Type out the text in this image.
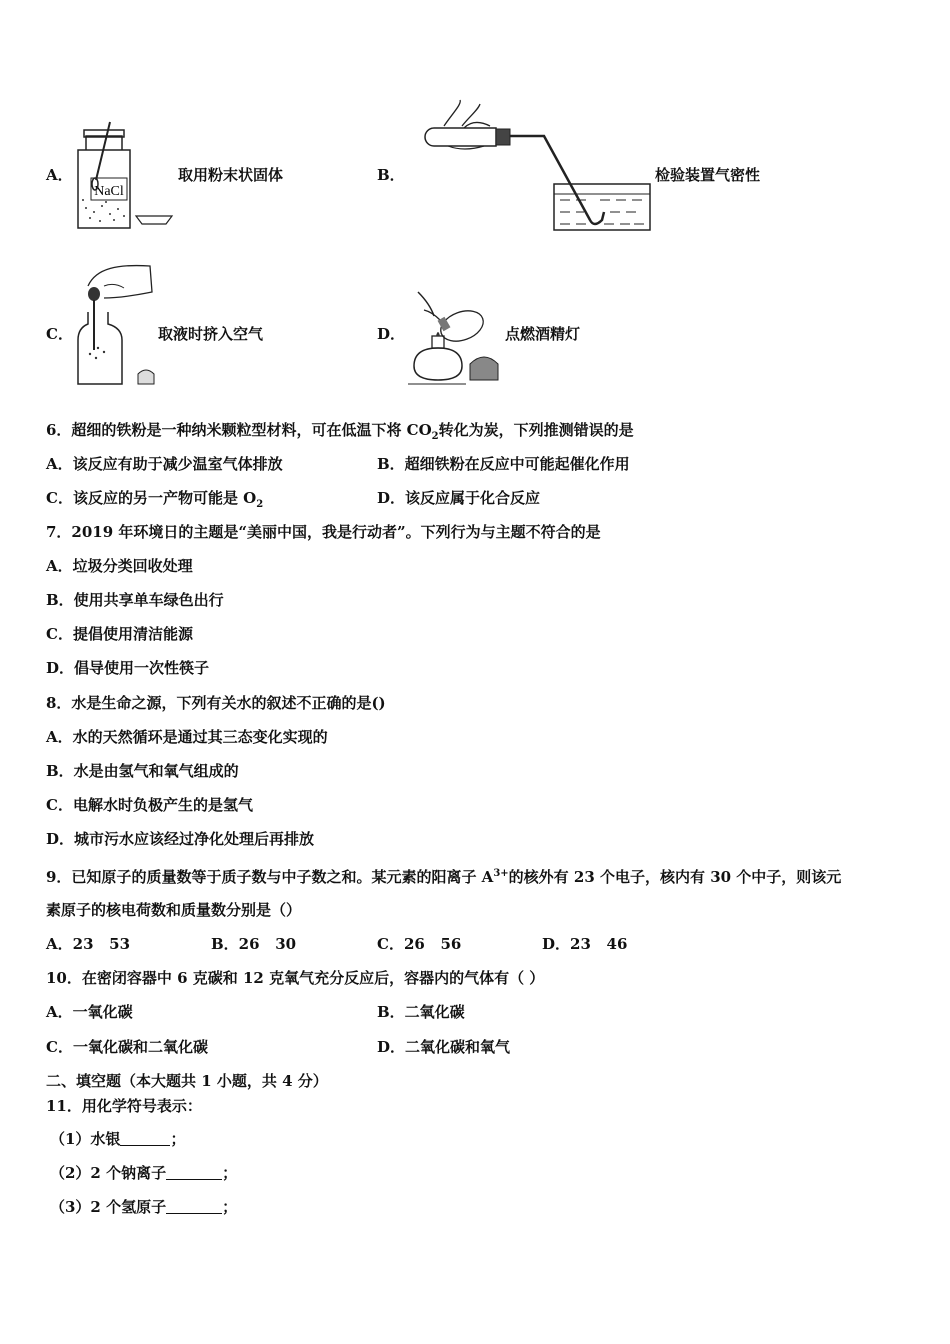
A．
NaCl
取用粉末状固体	B．	检验装置气密性
C．	取液时挤入空气	D．	点燃酒精灯
6．超细的铁粉是一种纳米颗粒型材料，可在低温下将 $CO_2$转化为炭，下列推测错误的是
A．该反应有助于减少温室气体排放	B．超细铁粉在反应中可能起催化作用
C．该反应的另一产物可能是 $O_2$	D．该反应属于化合反应
7．2019 年环境日的主题是“美丽中国，我是行动者”。下列行为与主题不符合的是
A．垃圾分类回收处理
B．使用共享单车绿色出行
C．提倡使用清洁能源
D．倡导使用一次性筷子
8．水是生命之源，下列有关水的叙述不正确的是()
A．水的天然循环是通过其三态变化实现的
B．水是由氢气和氧气组成的
C．电解水时负极产生的是氢气
D．城市污水应该经过净化处理后再排放
9．已知原子的质量数等于质子数与中子数之和。某元素的阳离子 $A^{3+}$的核外有 23 个电子，核内有 30 个中子，则该元
素原子的核电荷数和质量数分别是（）
A．23   53	B．26   30	C．26   56	D．23   46
10．在密闭容器中 6 克碳和 12 克氧气充分反应后，容器内的气体有（ ）
A．一氧化碳	B．二氧化碳
C．一氧化碳和二氧化碳	D．二氧化碳和氧气
二、填空题（本大题共 1 小题，共 4 分）
11．用化学符号表示：
（1）水银	；
（2）2 个钠离子	；
（3）2 个氢原子	；
